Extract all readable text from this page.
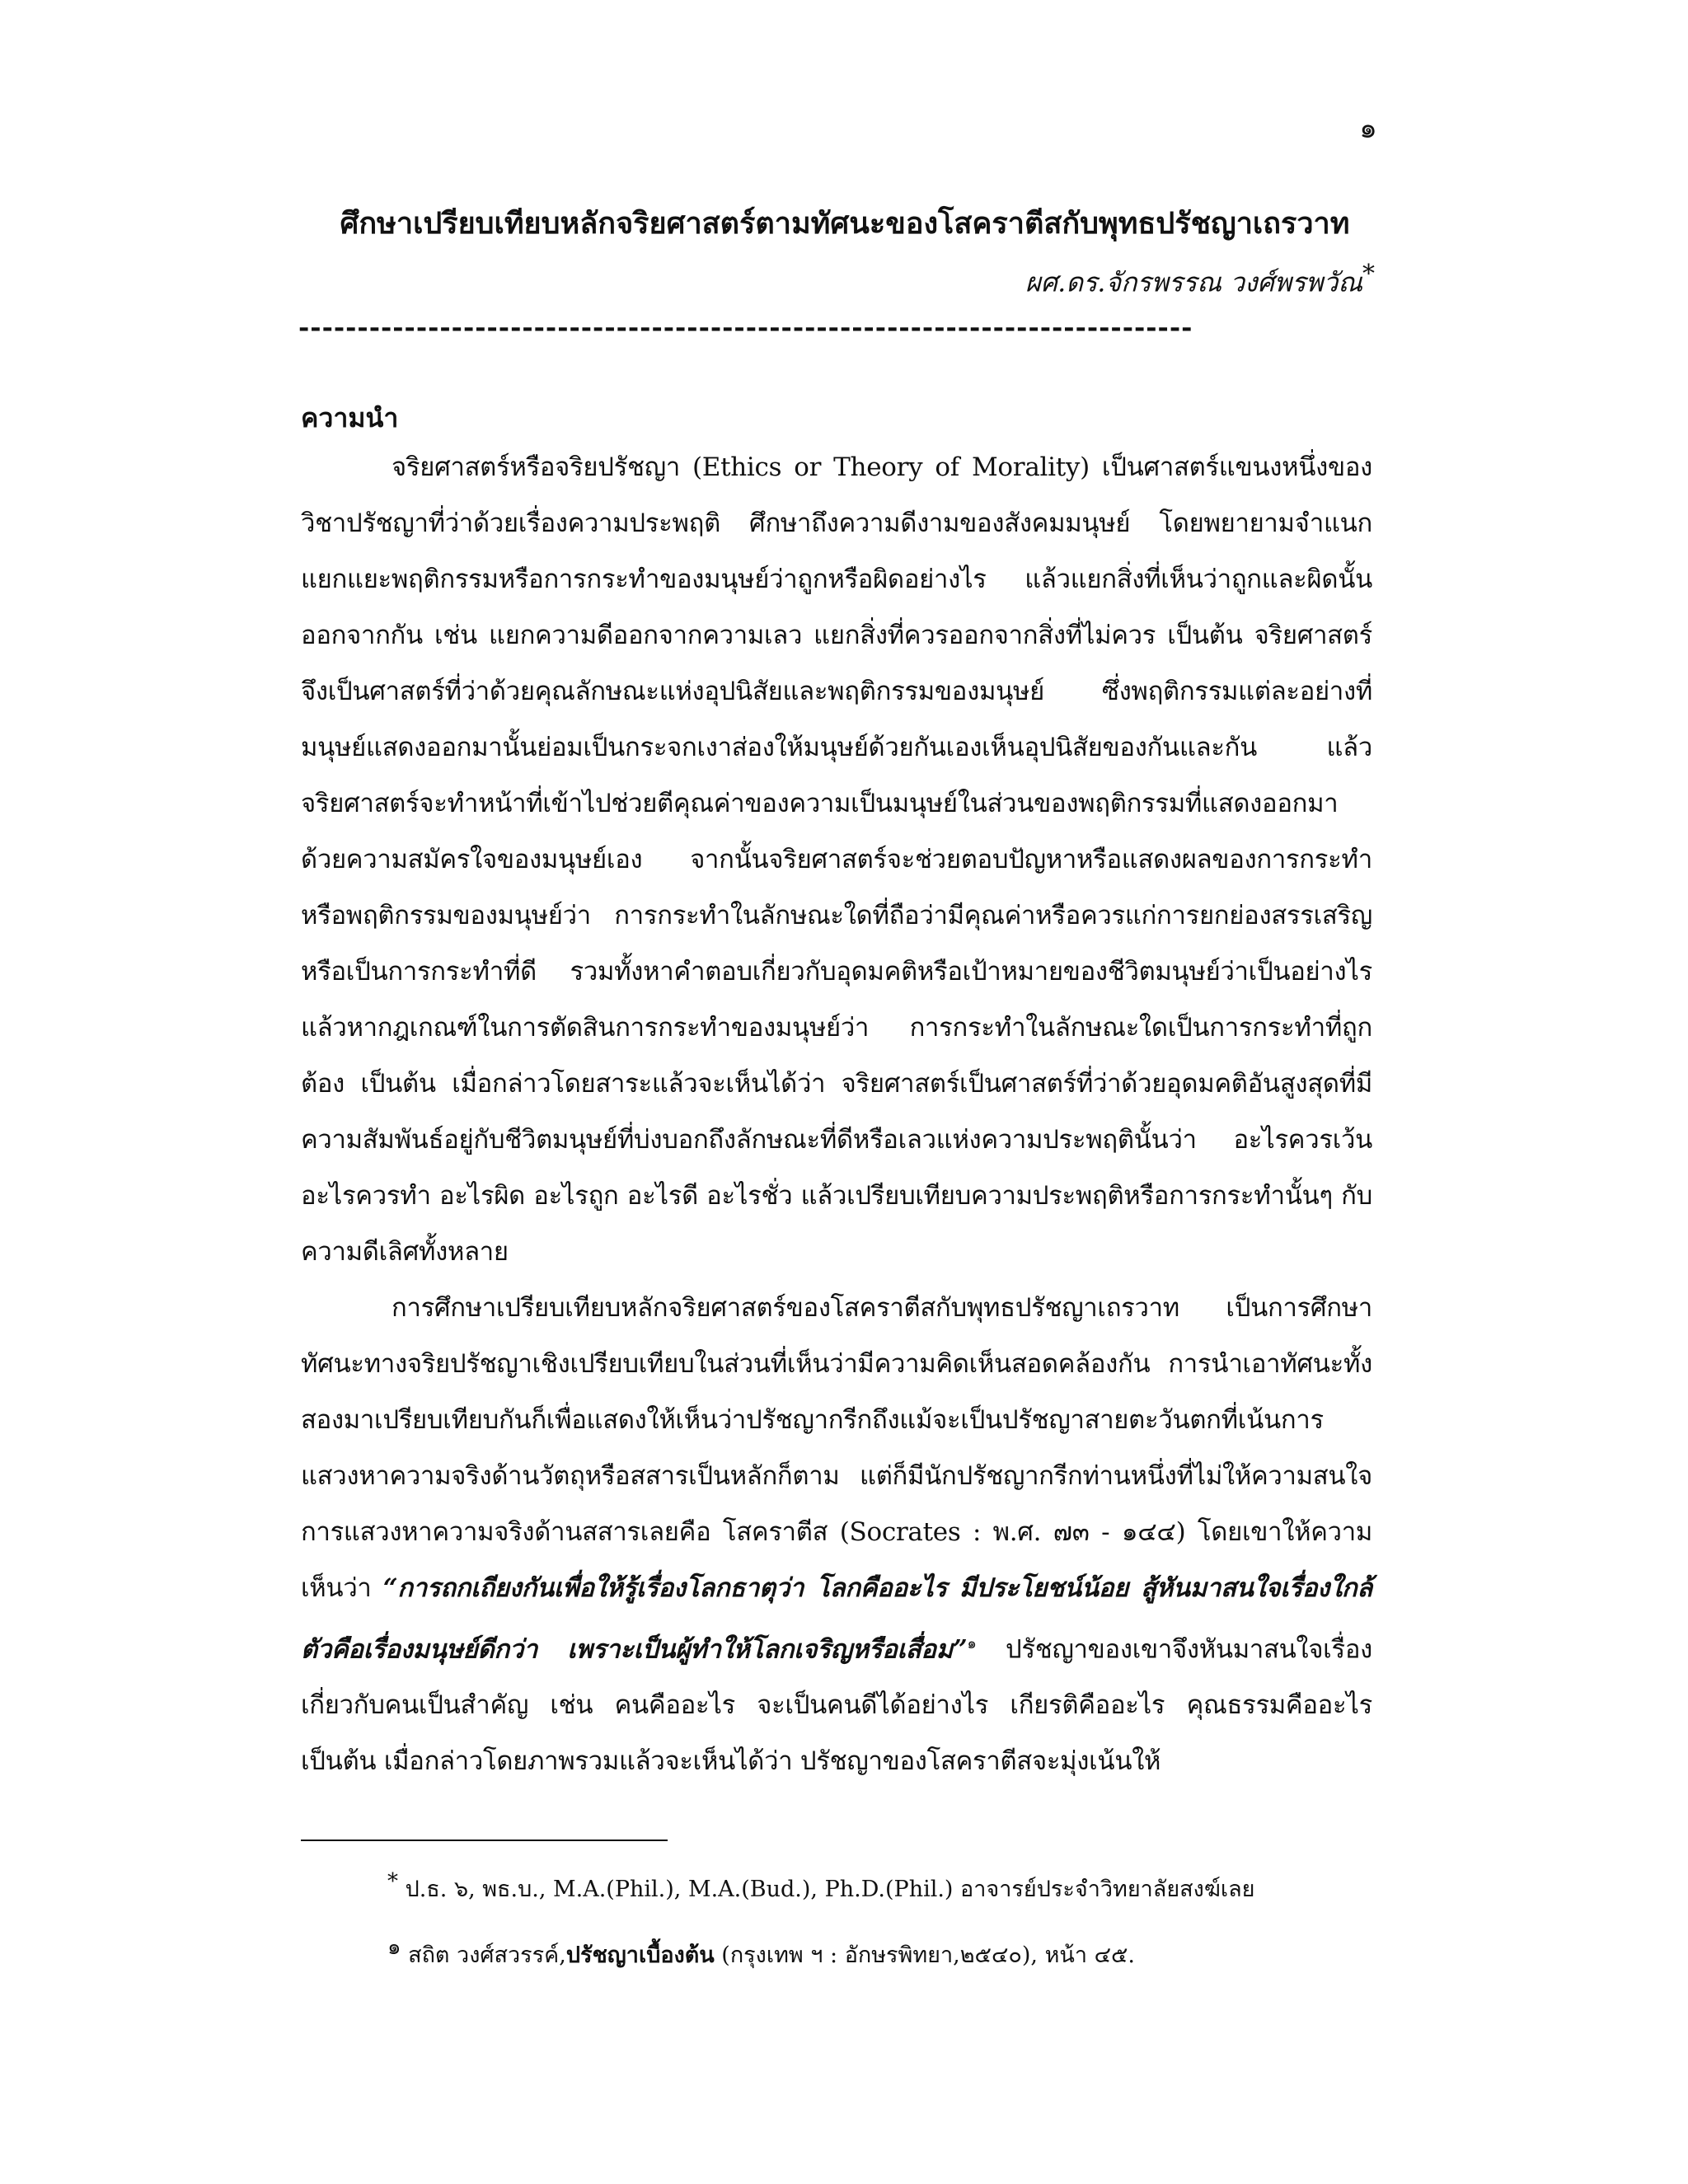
๑
ศึกษาเปรียบเทียบหลักจริยศาสตร์ตามทัศนะของโสคราตีสกับพุทธปรัชญาเถรวาท
ผศ.ดร.จักรพรรณ วงศ์พรพวัณ*
----------------------------------------------------------------------------
ความนำ

จริยศาสตร์หรือจริยปรัชญา (Ethics or Theory of Morality) เป็นศาสตร์แขนงหนึ่งของวิชาปรัชญาที่ว่าด้วยเรื่องความประพฤติ ศึกษาถึงความดีงามของสังคมมนุษย์ โดยพยายามจำแนกแยกแยะพฤติกรรมหรือการกระทำของมนุษย์ว่าถูกหรือผิดอย่างไร แล้วแยกสิ่งที่เห็นว่าถูกและผิดนั้นออกจากกัน เช่น แยกความดีออกจากความเลว แยกสิ่งที่ควรออกจากสิ่งที่ไม่ควร เป็นต้น จริยศาสตร์จึงเป็นศาสตร์ที่ว่าด้วยคุณลักษณะแห่งอุปนิสัยและพฤติกรรมของมนุษย์ ซึ่งพฤติกรรมแต่ละอย่างที่มนุษย์แสดงออกมานั้นย่อมเป็นกระจกเงาส่องให้มนุษย์ด้วยกันเองเห็นอุปนิสัยของกันและกัน แล้วจริยศาสตร์จะทำหน้าที่เข้าไปช่วยตีคุณค่าของความเป็นมนุษย์ในส่วนของพฤติกรรมที่แสดงออกมาด้วยความสมัครใจของมนุษย์เอง จากนั้นจริยศาสตร์จะช่วยตอบปัญหาหรือแสดงผลของการกระทำหรือพฤติกรรมของมนุษย์ว่า การกระทำในลักษณะใดที่ถือว่ามีคุณค่าหรือควรแก่การยกย่องสรรเสริญหรือเป็นการกระทำที่ดี รวมทั้งหาคำตอบเกี่ยวกับอุดมคติหรือเป้าหมายของชีวิตมนุษย์ว่าเป็นอย่างไร แล้วหากฎเกณฑ์ในการตัดสินการกระทำของมนุษย์ว่า การกระทำในลักษณะใดเป็นการกระทำที่ถูกต้อง เป็นต้น เมื่อกล่าวโดยสาระแล้วจะเห็นได้ว่า จริยศาสตร์เป็นศาสตร์ที่ว่าด้วยอุดมคติอันสูงสุดที่มีความสัมพันธ์อยู่กับชีวิตมนุษย์ที่บ่งบอกถึงลักษณะที่ดีหรือเลวแห่งความประพฤตินั้นว่า อะไรควรเว้น อะไรควรทำ อะไรผิด อะไรถูก อะไรดี อะไรชั่ว แล้วเปรียบเทียบความประพฤติหรือการกระทำนั้นๆ กับความดีเลิศทั้งหลาย

การศึกษาเปรียบเทียบหลักจริยศาสตร์ของโสคราตีสกับพุทธปรัชญาเถรวาท เป็นการศึกษาทัศนะทางจริยปรัชญาเชิงเปรียบเทียบในส่วนที่เห็นว่ามีความคิดเห็นสอดคล้องกัน การนำเอาทัศนะทั้งสองมาเปรียบเทียบกันก็เพื่อแสดงให้เห็นว่าปรัชญากรีกถึงแม้จะเป็นปรัชญาสายตะวันตกที่เน้นการแสวงหาความจริงด้านวัตถุหรือสสารเป็นหลักก็ตาม แต่ก็มีนักปรัชญากรีกท่านหนึ่งที่ไม่ให้ความสนใจการแสวงหาความจริงด้านสสารเลยคือ โสคราตีส (Socrates : พ.ศ. ๗๓ - ๑๔๔) โดยเขาให้ความเห็นว่า “การถกเถียงกันเพื่อให้รู้เรื่องโลกธาตุว่า โลกคืออะไร มีประโยชน์น้อย สู้หันมาสนใจเรื่องใกล้ตัวคือเรื่องมนุษย์ดีกว่า เพราะเป็นผู้ทำให้โลกเจริญหรือเสื่อม”$^๑$ ปรัชญาของเขาจึงหันมาสนใจเรื่องเกี่ยวกับคนเป็นสำคัญ เช่น คนคืออะไร จะเป็นคนดีได้อย่างไร เกียรติคืออะไร คุณธรรมคืออะไร เป็นต้น เมื่อกล่าวโดยภาพรวมแล้วจะเห็นได้ว่า ปรัชญาของโสคราตีสจะมุ่งเน้นให้

* ป.ธ. ๖, พธ.บ., M.A.(Phil.), M.A.(Bud.), Ph.D.(Phil.) อาจารย์ประจำวิทยาลัยสงฆ์เลย
$^๑$ สถิต วงศ์สวรรค์,ปรัชญาเบื้องต้น (กรุงเทพ ฯ : อักษรพิทยา,๒๕๔๐), หน้า ๔๕.
